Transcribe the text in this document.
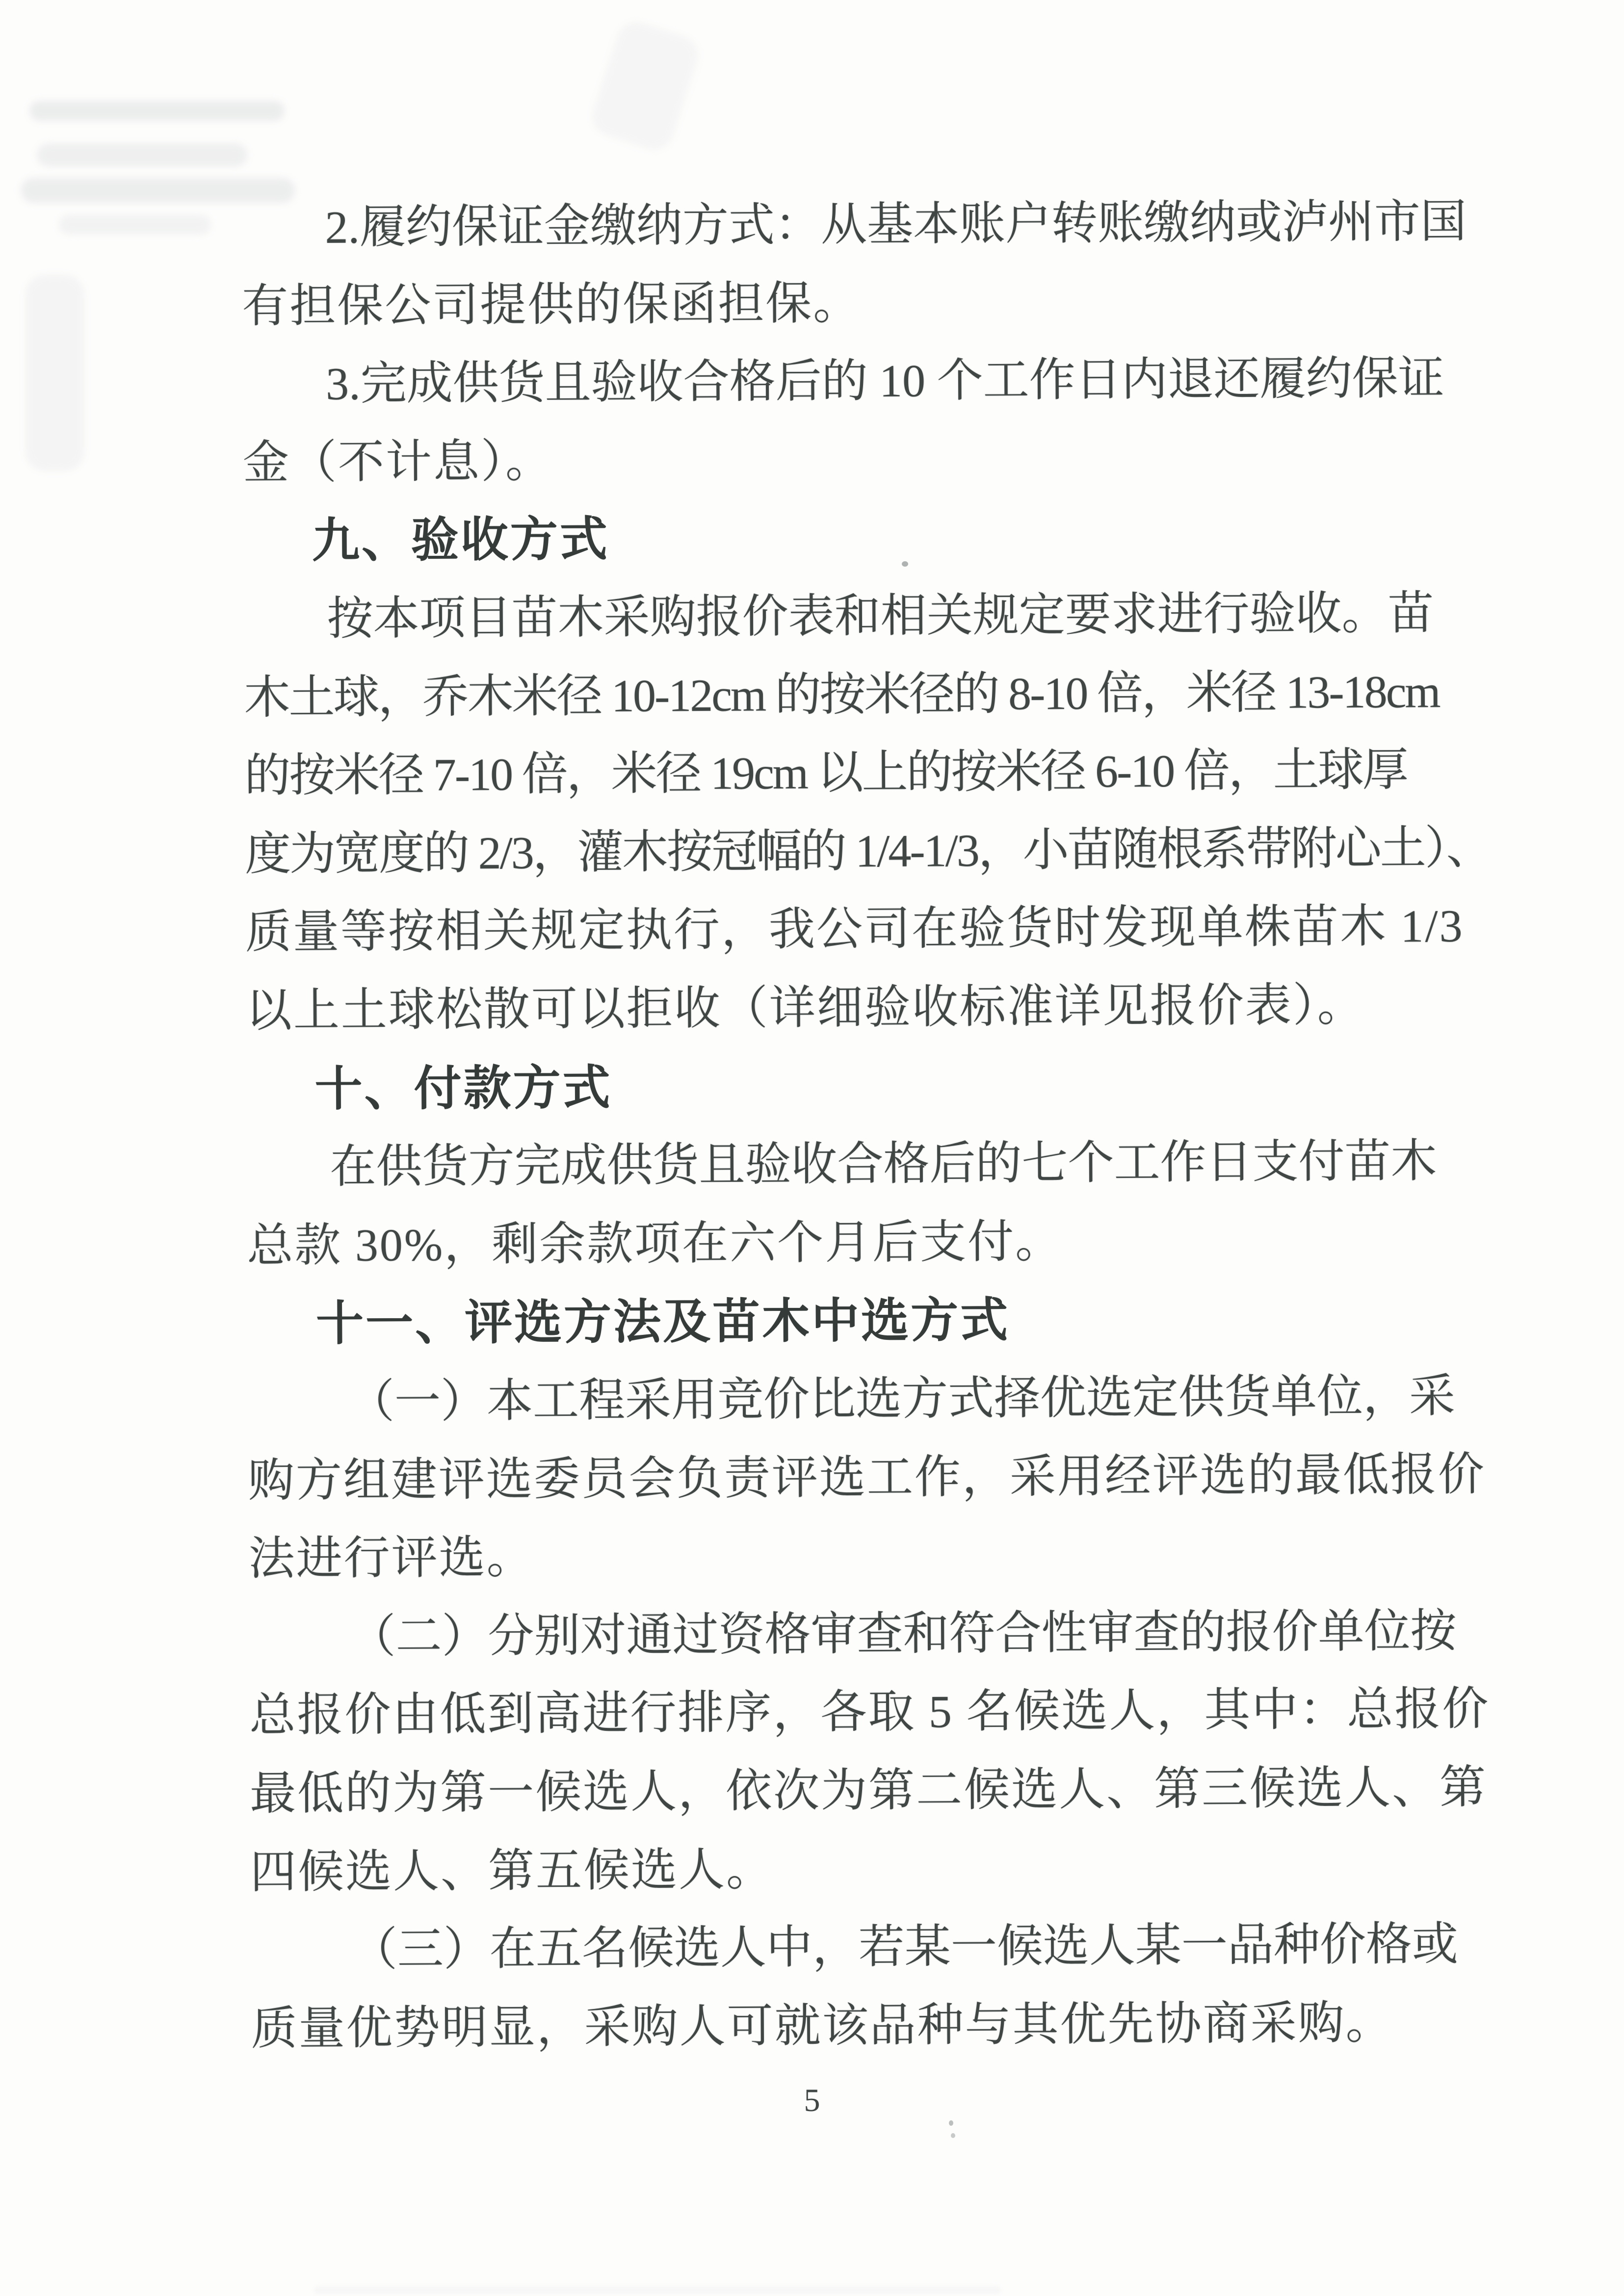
2.履约保证金缴纳方式：从基本账户转账缴纳或泸州市国
有担保公司提供的保函担保。
3.完成供货且验收合格后的 10 个工作日内退还履约保证
金（不计息）。
九、验收方式
按本项目苗木采购报价表和相关规定要求进行验收。苗
木土球，乔木米径 10-12cm 的按米径的 8-10 倍，米径 13-18cm
的按米径 7-10 倍，米径 19cm 以上的按米径 6-10 倍，土球厚
度为宽度的 2/3，灌木按冠幅的 1/4-1/3，小苗随根系带附心土）、
质量等按相关规定执行，我公司在验货时发现单株苗木 1/3
以上土球松散可以拒收（详细验收标准详见报价表）。
十、付款方式
在供货方完成供货且验收合格后的七个工作日支付苗木
总款 30%，剩余款项在六个月后支付。
十一、评选方法及苗木中选方式
（一）本工程采用竞价比选方式择优选定供货单位，采
购方组建评选委员会负责评选工作，采用经评选的最低报价
法进行评选。
（二）分别对通过资格审查和符合性审查的报价单位按
总报价由低到高进行排序，各取 5 名候选人，其中：总报价
最低的为第一候选人，依次为第二候选人、第三候选人、第
四候选人、第五候选人。
（三）在五名候选人中，若某一候选人某一品种价格或
质量优势明显，采购人可就该品种与其优先协商采购。
5
